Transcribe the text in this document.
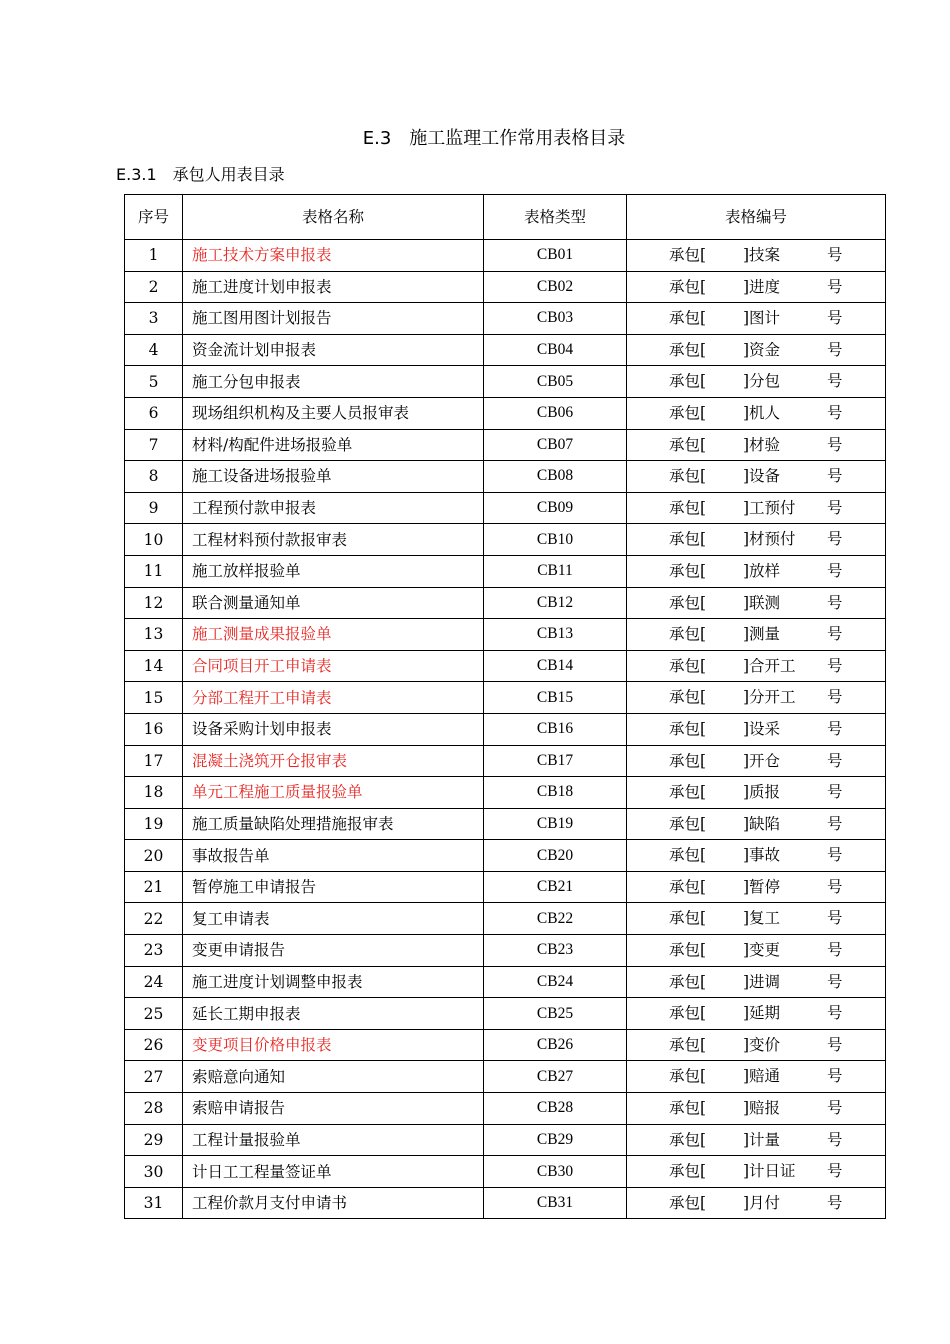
E.3　施工监理工作常用表格目录
E.3.1　承包人用表目录
序号	表格名称	表格类型	表格编号
1	施工技术方案申报表	CB01	承包[ ]技案 号

2	施工进度计划申报表	CB02	承包[ ]进度 号

3	施工图用图计划报告	CB03	承包[ ]图计 号

4	资金流计划申报表	CB04	承包[ ]资金 号

5	施工分包申报表	CB05	承包[ ]分包 号

6	现场组织机构及主要人员报审表	CB06	承包[ ]机人 号

7	材料/构配件进场报验单	CB07	承包[ ]材验 号

8	施工设备进场报验单	CB08	承包[ ]设备 号

9	工程预付款申报表	CB09	承包[ ]工预付 号

10	工程材料预付款报审表	CB10	承包[ ]材预付 号

11	施工放样报验单	CB11	承包[ ]放样 号

12	联合测量通知单	CB12	承包[ ]联测 号

13	施工测量成果报验单	CB13	承包[ ]测量 号

14	合同项目开工申请表	CB14	承包[ ]合开工 号

15	分部工程开工申请表	CB15	承包[ ]分开工 号

16	设备采购计划申报表	CB16	承包[ ]设采 号

17	混凝土浇筑开仓报审表	CB17	承包[ ]开仓 号

18	单元工程施工质量报验单	CB18	承包[ ]质报 号

19	施工质量缺陷处理措施报审表	CB19	承包[ ]缺陷 号

20	事故报告单	CB20	承包[ ]事故 号

21	暂停施工申请报告	CB21	承包[ ]暂停 号

22	复工申请表	CB22	承包[ ]复工 号

23	变更申请报告	CB23	承包[ ]变更 号

24	施工进度计划调整申报表	CB24	承包[ ]进调 号

25	延长工期申报表	CB25	承包[ ]延期 号

26	变更项目价格申报表	CB26	承包[ ]变价 号

27	索赔意向通知	CB27	承包[ ]赔通 号

28	索赔申请报告	CB28	承包[ ]赔报 号

29	工程计量报验单	CB29	承包[ ]计量 号

30	计日工工程量签证单	CB30	承包[ ]计日证 号

31	工程价款月支付申请书	CB31	承包[ ]月付 号
